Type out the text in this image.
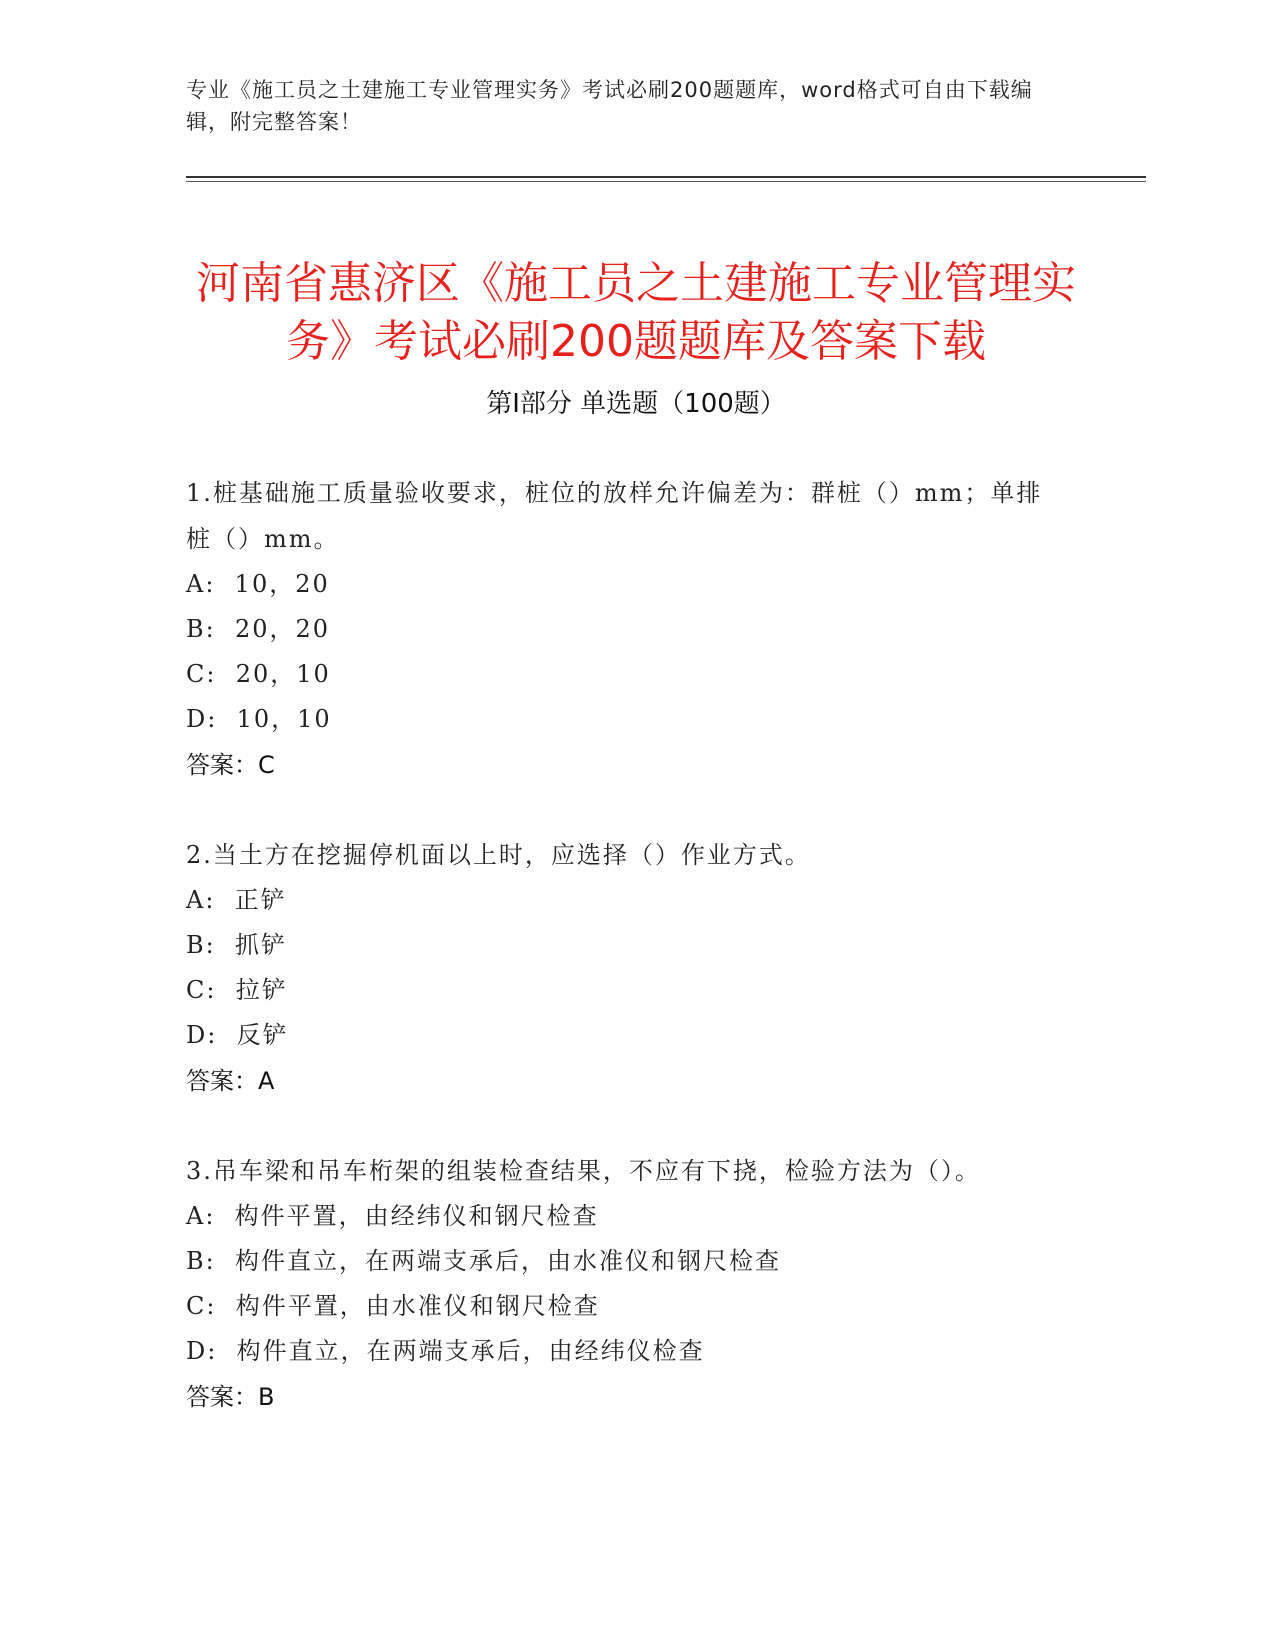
专业《施工员之土建施工专业管理实务》考试必刷200题题库，word格式可自由下载编辑，附完整答案！
河南省惠济区《施工员之土建施工专业管理实务》考试必刷200题题库及答案下载
第Ⅰ部分 单选题（100题）
1.桩基础施工质量验收要求，桩位的放样允许偏差为：群桩（）mm；单排桩（）mm。
A:  10，20
B:  20，20
C:  20，10
D:  10，10
答案：C
2.当土方在挖掘停机面以上时，应选择（）作业方式。
A:  正铲
B:  抓铲
C:  拉铲
D:  反铲
答案：A
3.吊车梁和吊车桁架的组装检查结果，不应有下挠，检验方法为（）。
A:  构件平置，由经纬仪和钢尺检查
B:  构件直立，在两端支承后，由水准仪和钢尺检查
C:  构件平置，由水准仪和钢尺检查
D:  构件直立，在两端支承后，由经纬仪检查
答案：B
